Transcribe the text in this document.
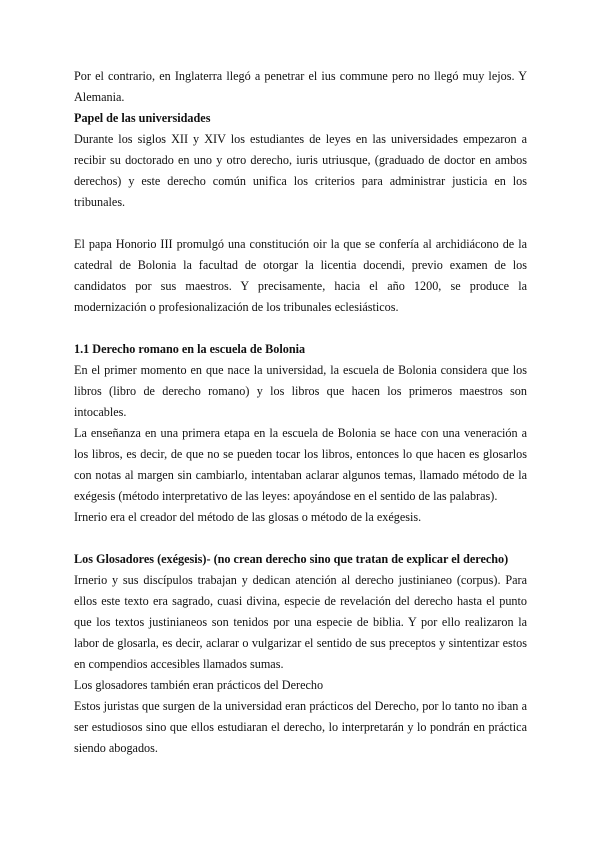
Por el contrario, en Inglaterra llegó a penetrar el ius commune pero no llegó muy lejos. Y Alemania.

Papel de las universidades

Durante los siglos XII y XIV los estudiantes de leyes en las universidades empezaron a recibir su doctorado en uno y otro derecho, iuris utriusque, (graduado de doctor en ambos derechos) y este derecho común unifica los criterios para administrar justicia en los tribunales.

El papa Honorio III promulgó una constitución oir la que se confería al archidiácono de la catedral de Bolonia la facultad de otorgar la licentia docendi, previo examen de los candidatos por sus maestros. Y precisamente, hacia el año 1200, se produce la modernización o profesionalización de los tribunales eclesiásticos.

1.1 Derecho romano en la escuela de Bolonia

En el primer momento en que nace la universidad, la escuela de Bolonia considera que los libros (libro de derecho romano) y los libros que hacen los primeros maestros son intocables.

La enseñanza en una primera etapa en la escuela de Bolonia se hace con una veneración a los libros, es decir, de que no se pueden tocar los libros, entonces lo que hacen es glosarlos con notas al margen sin cambiarlo, intentaban aclarar algunos temas, llamado método de la exégesis (método interpretativo de las leyes: apoyándose en el sentido de las palabras).

Irnerio era el creador del método de las glosas o método de la exégesis.

Los Glosadores (exégesis)- (no crean derecho sino que tratan de explicar el derecho)

Irnerio y sus discípulos trabajan y dedican atención al derecho justinianeo (corpus). Para ellos este texto era sagrado, cuasi divina, especie de revelación del derecho hasta el punto que los textos justinianeos son tenidos por una especie de biblia. Y por ello realizaron la labor de glosarla, es decir, aclarar o vulgarizar el sentido de sus preceptos y sintentizar estos en compendios accesibles llamados sumas.

Los glosadores también eran prácticos del Derecho

Estos juristas que surgen de la universidad eran prácticos del Derecho, por lo tanto no iban a ser estudiosos sino que ellos estudiaran el derecho, lo interpretarán y lo pondrán en práctica siendo abogados.
